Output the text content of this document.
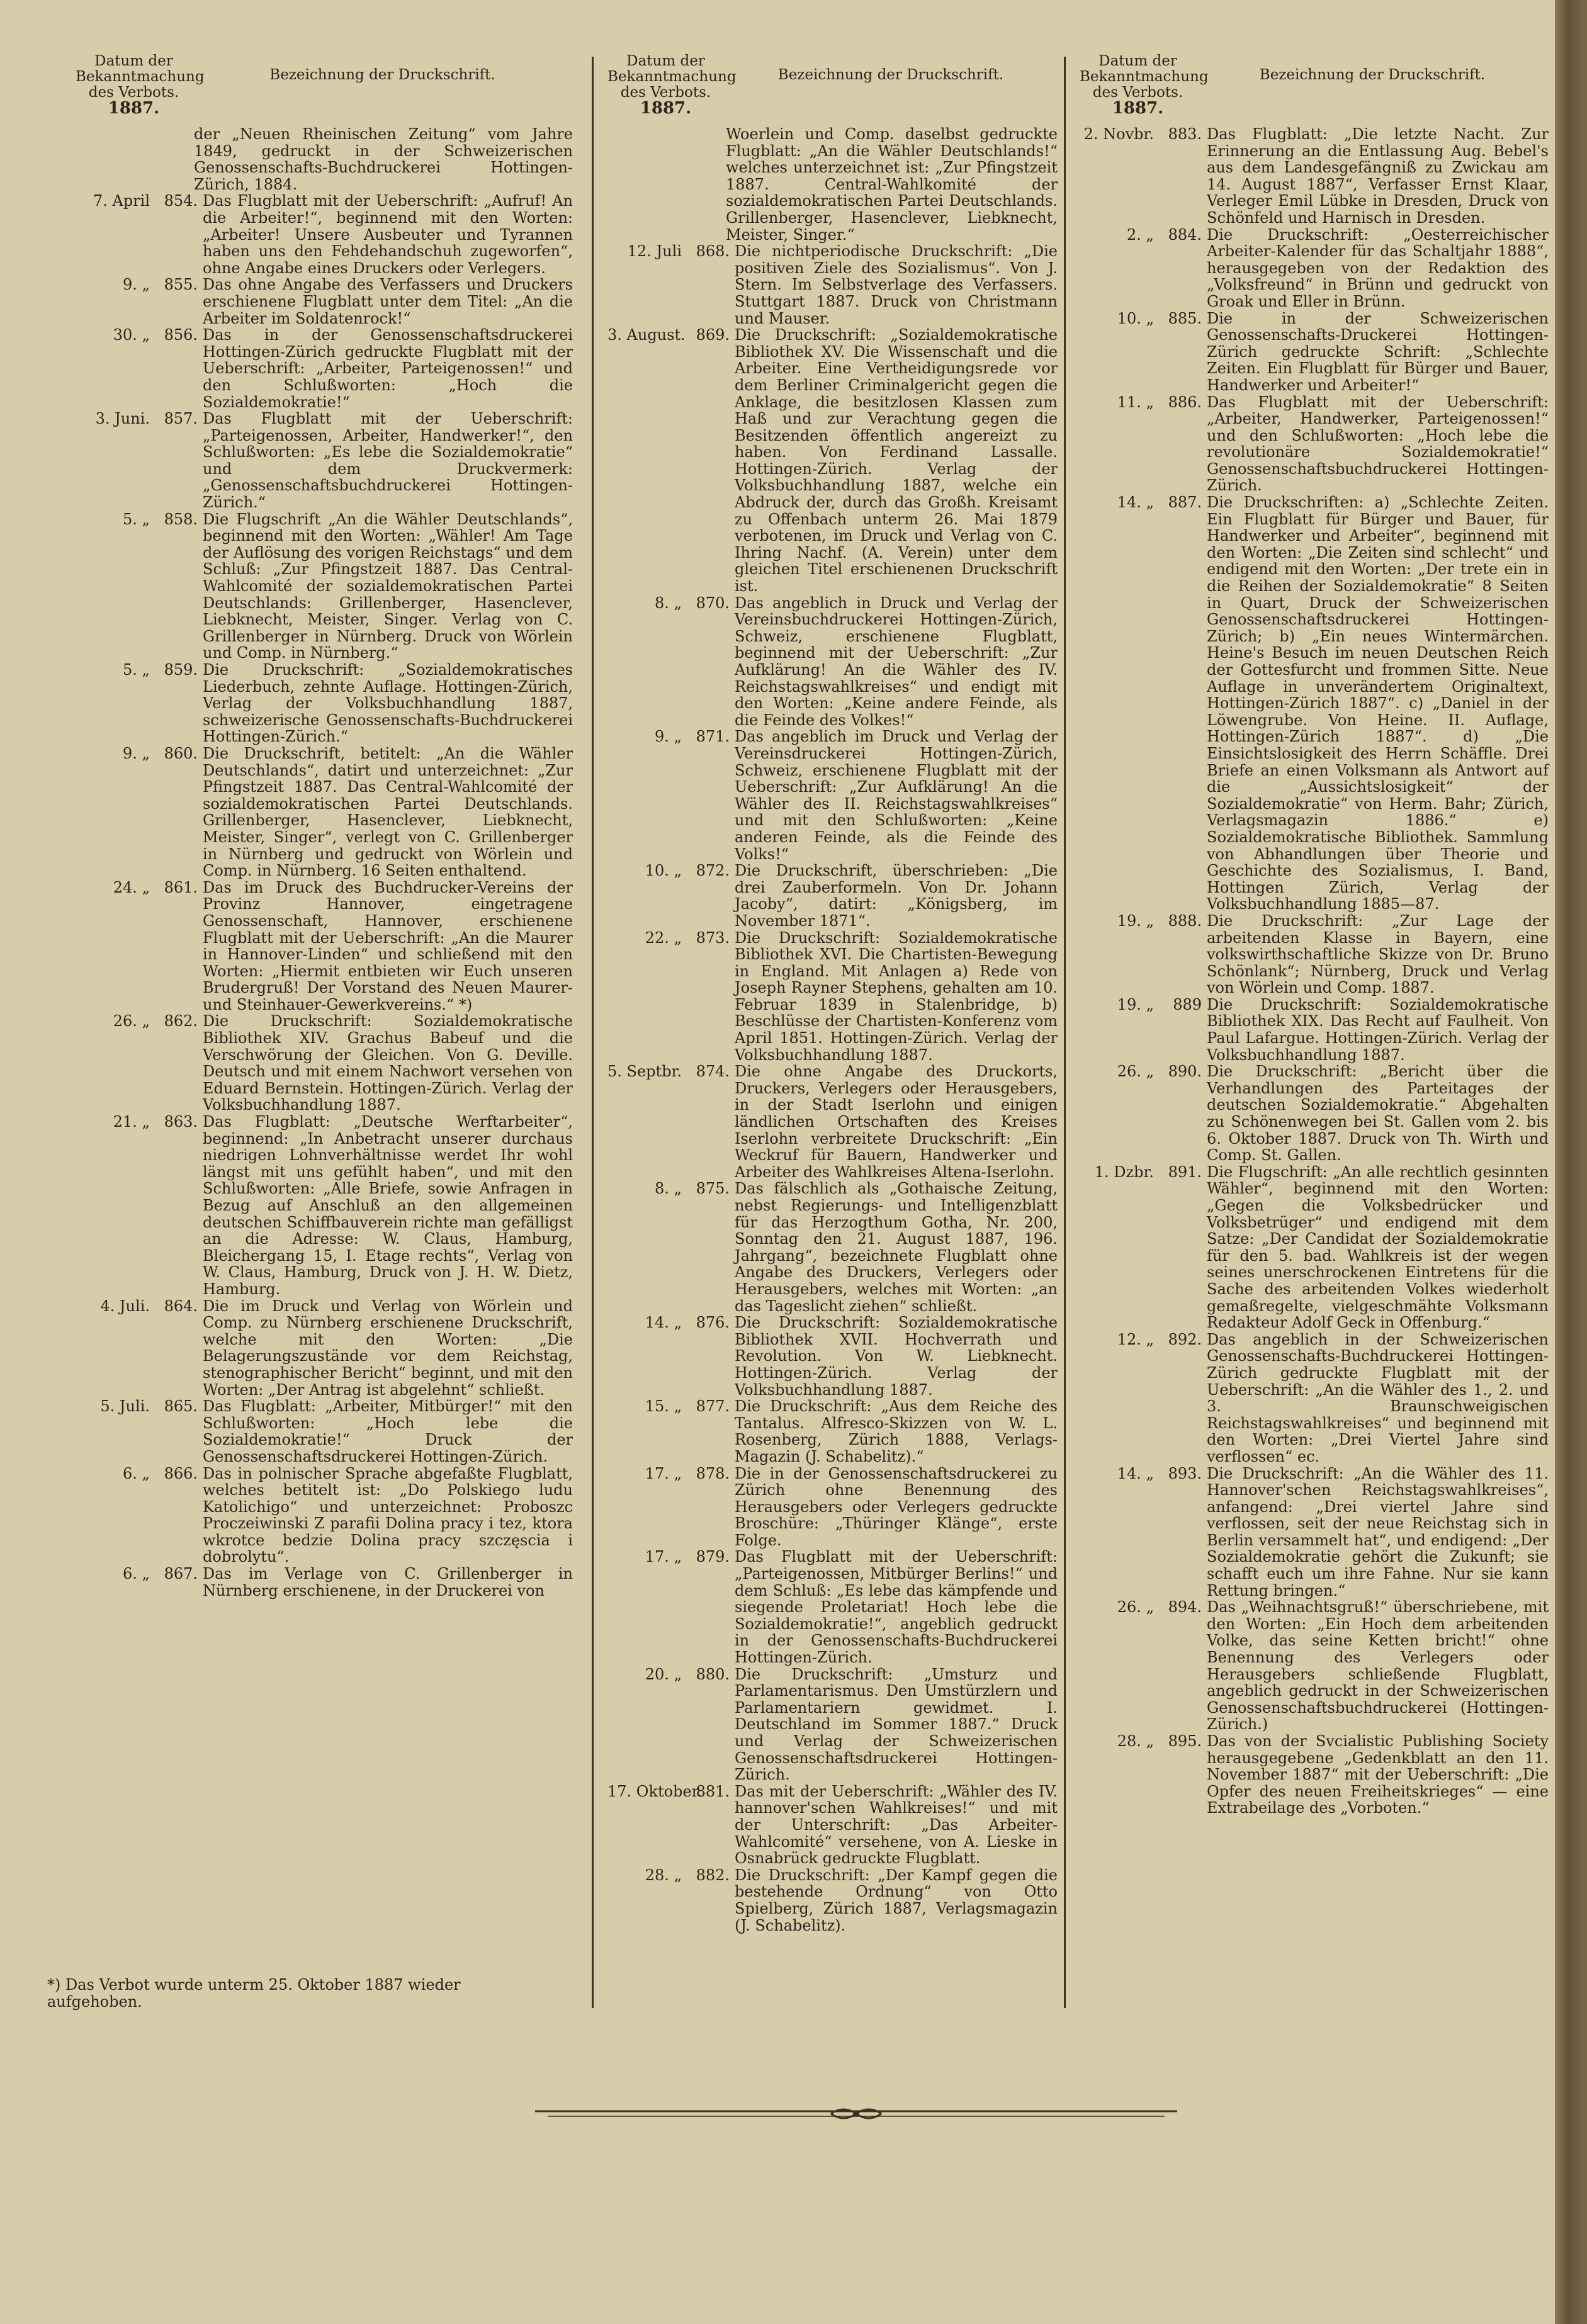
Datum der Bekanntmachung des Verbots.
1887.
Bezeichnung der Druckschrift.
der „Neuen Rheinischen Zeitung“ vom Jahre 1849, gedruckt in der Schweizerischen Genossenschafts-Buchdruckerei Hottingen-Zürich, 1884.
7. April 854. Das Flugblatt mit der Ueberschrift: „Aufruf! An die Arbeiter!“, beginnend mit den Worten: „Arbeiter! Unsere Ausbeuter und Tyrannen haben uns den Fehdehandschuh zugeworfen“, ohne Angabe eines Druckers oder Verlegers.
9. „ 855. Das ohne Angabe des Verfassers und Druckers erschienene Flugblatt unter dem Titel: „An die Arbeiter im Soldatenrock!“
30. „ 856. Das in der Genossenschaftsdruckerei Hottingen-Zürich gedruckte Flugblatt mit der Ueberschrift: „Arbeiter, Parteigenossen!“ und den Schlußworten: „Hoch die Sozialdemokratie!“
3. Juni. 857. Das Flugblatt mit der Ueberschrift: „Parteigenossen, Arbeiter, Handwerker!“, den Schlußworten: „Es lebe die Sozialdemokratie“ und dem Druckvermerk: „Genossenschaftsbuchdruckerei Hottingen-Zürich.“
5. „ 858. Die Flugschrift „An die Wähler Deutschlands“, beginnend mit den Worten: „Wähler! Am Tage der Auflösung des vorigen Reichstags“ und dem Schluß: „Zur Pfingstzeit 1887. Das Central-Wahlcomité der sozialdemokratischen Partei Deutschlands: Grillenberger, Hasenclever, Liebknecht, Meister, Singer. Verlag von C. Grillenberger in Nürnberg. Druck von Wörlein und Comp. in Nürnberg.“
5. „ 859. Die Druckschrift: „Sozialdemokratisches Liederbuch, zehnte Auflage. Hottingen-Zürich, Verlag der Volksbuchhandlung 1887, schweizerische Genossenschafts-Buchdruckerei Hottingen-Zürich.“
9. „ 860. Die Druckschrift, betitelt: „An die Wähler Deutschlands“, datirt und unterzeichnet: „Zur Pfingstzeit 1887. Das Central-Wahlcomité der sozialdemokratischen Partei Deutschlands. Grillenberger, Hasenclever, Liebknecht, Meister, Singer“, verlegt von C. Grillenberger in Nürnberg und gedruckt von Wörlein und Comp. in Nürnberg. 16 Seiten enthaltend.
24. „ 861. Das im Druck des Buchdrucker-Vereins der Provinz Hannover, eingetragene Genossenschaft, Hannover, erschienene Flugblatt mit der Ueberschrift: „An die Maurer in Hannover-Linden“ und schließend mit den Worten: „Hiermit entbieten wir Euch unseren Brudergruß! Der Vorstand des Neuen Maurer- und Steinhauer-Gewerkvereins.“ *)
26. „ 862. Die Druckschrift: Sozialdemokratische Bibliothek XIV. Grachus Babeuf und die Verschwörung der Gleichen. Von G. Deville. Deutsch und mit einem Nachwort versehen von Eduard Bernstein. Hottingen-Zürich. Verlag der Volksbuchhandlung 1887.
21. „ 863. Das Flugblatt: „Deutsche Werftarbeiter“, beginnend: „In Anbetracht unserer durchaus niedrigen Lohnverhältnisse werdet Ihr wohl längst mit uns gefühlt haben“, und mit den Schlußworten: „Alle Briefe, sowie Anfragen in Bezug auf Anschluß an den allgemeinen deutschen Schiffbauverein richte man gefälligst an die Adresse: W. Claus, Hamburg, Bleichergang 15, I. Etage rechts“, Verlag von W. Claus, Hamburg, Druck von J. H. W. Dietz, Hamburg.
4. Juli. 864. Die im Druck und Verlag von Wörlein und Comp. zu Nürnberg erschienene Druckschrift, welche mit den Worten: „Die Belagerungszustände vor dem Reichstag, stenographischer Bericht“ beginnt, und mit den Worten: „Der Antrag ist abgelehnt“ schließt.
5. Juli. 865. Das Flugblatt: „Arbeiter, Mitbürger!“ mit den Schlußworten: „Hoch lebe die Sozialdemokratie!“ Druck der Genossenschaftsdruckerei Hottingen-Zürich.
6. „ 866. Das in polnischer Sprache abgefaßte Flugblatt, welches betitelt ist: „Do Polskiego ludu Katolichigo“ und unterzeichnet: Proboszc Proczeiwinski Z parafii Dolina pracy i tez, ktora wkrotce bedzie Dolina pracy szczęscia i dobrolytu“.
6. „ 867. Das im Verlage von C. Grillenberger in Nürnberg erschienene, in der Druckerei von
Datum der Bekanntmachung des Verbots.
1887.
Bezeichnung der Druckschrift.
Woerlein und Comp. daselbst gedruckte Flugblatt: „An die Wähler Deutschlands!“ welches unterzeichnet ist: „Zur Pfingstzeit 1887. Central-Wahlkomité der sozialdemokratischen Partei Deutschlands. Grillenberger, Hasenclever, Liebknecht, Meister, Singer.“
12. Juli 868. Die nichtperiodische Druckschrift: „Die positiven Ziele des Sozialismus“. Von J. Stern. Im Selbstverlage des Verfassers. Stuttgart 1887. Druck von Christmann und Mauser.
3. August. 869. Die Druckschrift: „Sozialdemokratische Bibliothek XV. Die Wissenschaft und die Arbeiter. Eine Vertheidigungsrede vor dem Berliner Criminalgericht gegen die Anklage, die besitzlosen Klassen zum Haß und zur Verachtung gegen die Besitzenden öffentlich angereizt zu haben. Von Ferdinand Lassalle. Hottingen-Zürich. Verlag der Volksbuchhandlung 1887, welche ein Abdruck der, durch das Großh. Kreisamt zu Offenbach unterm 26. Mai 1879 verbotenen, im Druck und Verlag von C. Ihring Nachf. (A. Verein) unter dem gleichen Titel erschienenen Druckschrift ist.
8. „ 870. Das angeblich in Druck und Verlag der Vereinsbuchdruckerei Hottingen-Zürich, Schweiz, erschienene Flugblatt, beginnend mit der Ueberschrift: „Zur Aufklärung! An die Wähler des IV. Reichstagswahlkreises“ und endigt mit den Worten: „Keine andere Feinde, als die Feinde des Volkes!“
9. „ 871. Das angeblich im Druck und Verlag der Vereinsdruckerei Hottingen-Zürich, Schweiz, erschienene Flugblatt mit der Ueberschrift: „Zur Aufklärung! An die Wähler des II. Reichstagswahlkreises“ und mit den Schlußworten: „Keine anderen Feinde, als die Feinde des Volks!“
10. „ 872. Die Druckschrift, überschrieben: „Die drei Zauberformeln. Von Dr. Johann Jacoby“, datirt: „Königsberg, im November 1871“.
22. „ 873. Die Druckschrift: Sozialdemokratische Bibliothek XVI. Die Chartisten-Bewegung in England. Mit Anlagen a) Rede von Joseph Rayner Stephens, gehalten am 10. Februar 1839 in Stalenbridge, b) Beschlüsse der Chartisten-Konferenz vom April 1851. Hottingen-Zürich. Verlag der Volksbuchhandlung 1887.
5. Septbr. 874. Die ohne Angabe des Druckorts, Druckers, Verlegers oder Herausgebers, in der Stadt Iserlohn und einigen ländlichen Ortschaften des Kreises Iserlohn verbreitete Druckschrift: „Ein Weckruf für Bauern, Handwerker und Arbeiter des Wahlkreises Altena-Iserlohn.
8. „ 875. Das fälschlich als „Gothaische Zeitung, nebst Regierungs- und Intelligenzblatt für das Herzogthum Gotha, Nr. 200, Sonntag den 21. August 1887, 196. Jahrgang“, bezeichnete Flugblatt ohne Angabe des Druckers, Verlegers oder Herausgebers, welches mit Worten: „an das Tageslicht ziehen“ schließt.
14. „ 876. Die Druckschrift: Sozialdemokratische Bibliothek XVII. Hochverrath und Revolution. Von W. Liebknecht. Hottingen-Zürich. Verlag der Volksbuchhandlung 1887.
15. „ 877. Die Druckschrift: „Aus dem Reiche des Tantalus. Alfresco-Skizzen von W. L. Rosenberg, Zürich 1888, Verlags-Magazin (J. Schabelitz).“
17. „ 878. Die in der Genossenschaftsdruckerei zu Zürich ohne Benennung des Herausgebers oder Verlegers gedruckte Broschüre: „Thüringer Klänge“, erste Folge.
17. „ 879. Das Flugblatt mit der Ueberschrift: „Parteigenossen, Mitbürger Berlins!“ und dem Schluß: „Es lebe das kämpfende und siegende Proletariat! Hoch lebe die Sozialdemokratie!“, angeblich gedruckt in der Genossenschafts-Buchdruckerei Hottingen-Zürich.
20. „ 880. Die Druckschrift: „Umsturz und Parlamentarismus. Den Umstürzlern und Parlamentariern gewidmet. I. Deutschland im Sommer 1887.“ Druck und Verlag der Schweizerischen Genossenschaftsdruckerei Hottingen-Zürich.
17. Oktober.
881. Das mit der Ueberschrift: „Wähler des IV. hannover'schen Wahlkreises!“ und mit der Unterschrift: „Das Arbeiter-Wahlcomité“ versehene, von A. Lieske in Osnabrück gedruckte Flugblatt.
28. „ 882. Die Druckschrift: „Der Kampf gegen die bestehende Ordnung“ von Otto Spielberg, Zürich 1887, Verlagsmagazin (J. Schabelitz).
Datum der Bekanntmachung des Verbots.
1887.
Bezeichnung der Druckschrift.
2. Novbr. 883. Das Flugblatt: „Die letzte Nacht. Zur Erinnerung an die Entlassung Aug. Bebel's aus dem Landesgefängniß zu Zwickau am 14. August 1887“, Verfasser Ernst Klaar, Verleger Emil Lübke in Dresden, Druck von Schönfeld und Harnisch in Dresden.
2. „ 884. Die Druckschrift: „Oesterreichischer Arbeiter-Kalender für das Schaltjahr 1888“, herausgegeben von der Redaktion des „Volksfreund“ in Brünn und gedruckt von Groak und Eller in Brünn.
10. „ 885. Die in der Schweizerischen Genossenschafts-Druckerei Hottingen-Zürich gedruckte Schrift: „Schlechte Zeiten. Ein Flugblatt für Bürger und Bauer, Handwerker und Arbeiter!“
11. „ 886. Das Flugblatt mit der Ueberschrift: „Arbeiter, Handwerker, Parteigenossen!“ und den Schlußworten: „Hoch lebe die revolutionäre Sozialdemokratie!“ Genossenschaftsbuchdruckerei Hottingen-Zürich.
14. „ 887. Die Druckschriften: a) „Schlechte Zeiten. Ein Flugblatt für Bürger und Bauer, für Handwerker und Arbeiter“, beginnend mit den Worten: „Die Zeiten sind schlecht“ und endigend mit den Worten: „Der trete ein in die Reihen der Sozialdemokratie“ 8 Seiten in Quart, Druck der Schweizerischen Genossenschaftsdruckerei Hottingen-Zürich; b) „Ein neues Wintermärchen. Heine's Besuch im neuen Deutschen Reich der Gottesfurcht und frommen Sitte. Neue Auflage in unverändertem Originaltext, Hottingen-Zürich 1887“. c) „Daniel in der Löwengrube. Von Heine. II. Auflage, Hottingen-Zürich 1887“. d) „Die Einsichtslosigkeit des Herrn Schäffle. Drei Briefe an einen Volksmann als Antwort auf die „Aussichtslosigkeit“ der Sozialdemokratie“ von Herm. Bahr; Zürich, Verlagsmagazin 1886.“ e) Sozialdemokratische Bibliothek. Sammlung von Abhandlungen über Theorie und Geschichte des Sozialismus, I. Band, Hottingen Zürich, Verlag der Volksbuchhandlung 1885—87.
19. „ 888. Die Druckschrift: „Zur Lage der arbeitenden Klasse in Bayern, eine volkswirthschaftliche Skizze von Dr. Bruno Schönlank“; Nürnberg, Druck und Verlag von Wörlein und Comp. 1887.
19. „	889 Die Druckschrift: Sozialdemokratische Bibliothek XIX. Das Recht auf Faulheit. Von Paul Lafargue. Hottingen-Zürich. Verlag der Volksbuchhandlung 1887.
26. „ 890. Die Druckschrift: „Bericht über die Verhandlungen des Parteitages der deutschen Sozialdemokratie.“ Abgehalten zu Schönenwegen bei St. Gallen vom 2. bis 6. Oktober 1887. Druck von Th. Wirth und Comp. St. Gallen.
1. Dzbr. 891. Die Flugschrift: „An alle rechtlich gesinnten Wähler“, beginnend mit den Worten: „Gegen die Volksbedrücker und Volksbetrüger“ und endigend mit dem Satze: „Der Candidat der Sozialdemokratie für den 5. bad. Wahlkreis ist der wegen seines unerschrockenen Eintretens für die Sache des arbeitenden Volkes wiederholt gemaßregelte, vielgeschmähte Volksmann Redakteur Adolf Geck in Offenburg.“
12. „ 892. Das angeblich in der Schweizerischen Genossenschafts-Buchdruckerei Hottingen-Zürich gedruckte Flugblatt mit der Ueberschrift: „An die Wähler des 1., 2. und 3. Braunschweigischen Reichstagswahlkreises“ und beginnend mit den Worten: „Drei Viertel Jahre sind verflossen“ ec.
14. „ 893. Die Druckschrift: „An die Wähler des 11. Hannover'schen Reichstagswahlkreises“, anfangend: „Drei viertel Jahre sind verflossen, seit der neue Reichstag sich in Berlin versammelt hat“, und endigend: „Der Sozialdemokratie gehört die Zukunft; sie schafft euch um ihre Fahne. Nur sie kann Rettung bringen.“
26. „ 894. Das „Weihnachtsgruß!“ überschriebene, mit den Worten: „Ein Hoch dem arbeitenden Volke, das seine Ketten bricht!“ ohne Benennung des Verlegers oder Herausgebers schließende Flugblatt, angeblich gedruckt in der Schweizerischen Genossenschaftsbuchdruckerei (Hottingen-Zürich.)
28. „ 895. Das von der Svcialistic Publishing Society herausgegebene „Gedenkblatt an den 11. November 1887“ mit der Ueberschrift: „Die Opfer des neuen Freiheitskrieges“ — eine Extrabeilage des „Vorboten.“
*) Das Verbot wurde unterm 25. Oktober 1887 wieder aufgehoben.
